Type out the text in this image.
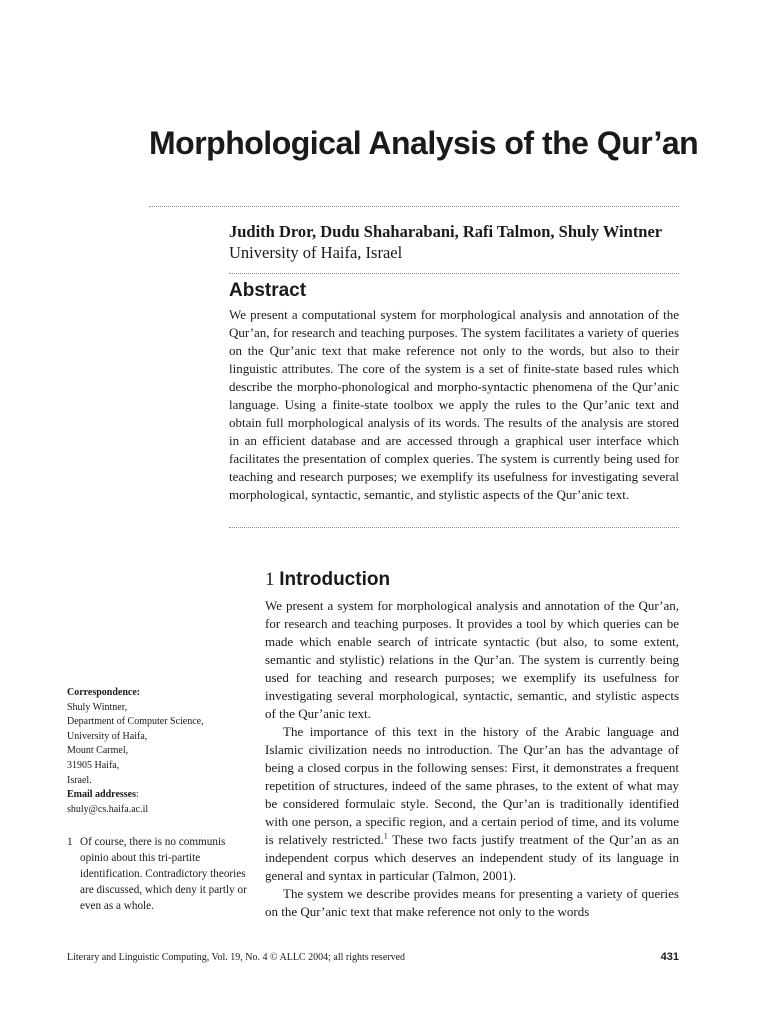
Morphological Analysis of the Qur’an
Judith Dror, Dudu Shaharabani, Rafi Talmon, Shuly Wintner
University of Haifa, Israel
Abstract

We present a computational system for morphological analysis and annotation of the Qur’an, for research and teaching purposes. The system facilitates a variety of queries on the Qur’anic text that make reference not only to the words, but also to their linguistic attributes. The core of the system is a set of finite-state based rules which describe the morpho-phonological and morpho-syntactic phenomena of the Qur’anic language. Using a finite-state toolbox we apply the rules to the Qur’anic text and obtain full morphological analysis of its words. The results of the analysis are stored in an efficient database and are accessed through a graphical user interface which facilitates the presentation of complex queries. The system is currently being used for teaching and research purposes; we exemplify its usefulness for investigating several morphological, syntactic, semantic, and stylistic aspects of the Qur’anic text.

1 Introduction

We present a system for morphological analysis and annotation of the Qur’an, for research and teaching purposes. It provides a tool by which queries can be made which enable search of intricate syntactic (but also, to some extent, semantic and stylistic) relations in the Qur’an. The system is currently being used for teaching and research purposes; we exemplify its usefulness for investigating several morphological, syntactic, semantic, and stylistic aspects of the Qur’anic text.

The importance of this text in the history of the Arabic language and Islamic civilization needs no introduction. The Qur’an has the advantage of being a closed corpus in the following senses: First, it demonstrates a frequent repetition of structures, indeed of the same phrases, to the extent of what may be considered formulaic style. Second, the Qur’an is traditionally identified with one person, a specific region, and a certain period of time, and its volume is relatively restricted.$^1$ These two facts justify treatment of the Qur’an as an independent corpus which deserves an independent study of its language in general and syntax in particular (Talmon, 2001).

The system we describe provides means for presenting a variety of queries on the Qur’anic text that make reference not only to the words

Correspondence:
Shuly Wintner,
Department of Computer Science,
University of Haifa,
Mount Carmel,
31905 Haifa,
Israel.
Email addresses:
shuly@cs.haifa.ac.il
1 Of course, there is no communis opinio about this tri-partite identification. Contradictory theories are discussed, which deny it partly or even as a whole.
Literary and Linguistic Computing, Vol. 19, No. 4 © ALLC 2004; all rights reserved	431
